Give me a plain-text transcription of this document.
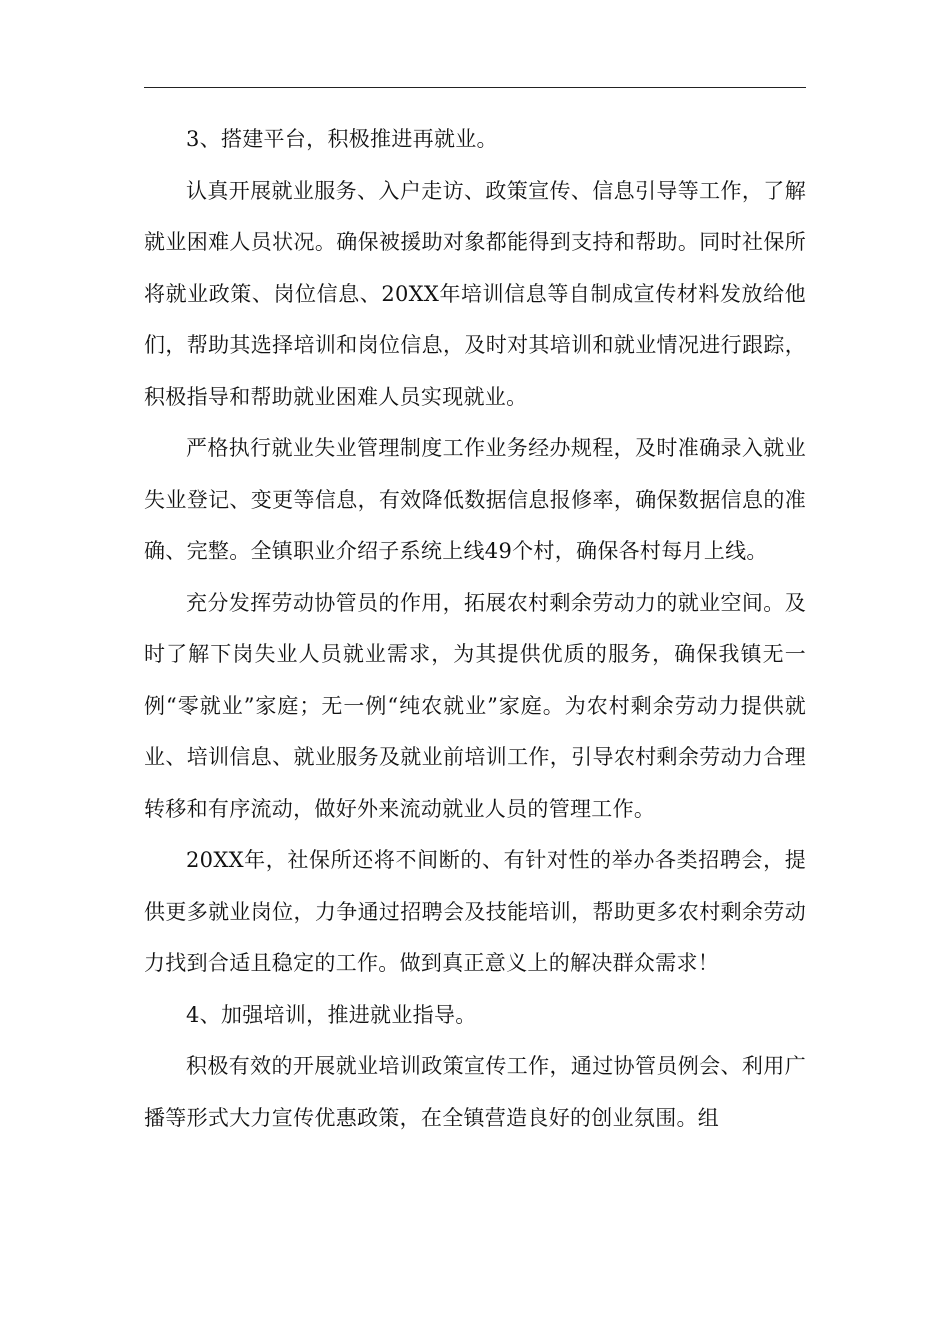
3、搭建平台，积极推进再就业。

认真开展就业服务、入户走访、政策宣传、信息引导等工作，了解就业困难人员状况。确保被援助对象都能得到支持和帮助。同时社保所将就业政策、岗位信息、20XX年培训信息等自制成宣传材料发放给他们，帮助其选择培训和岗位信息，及时对其培训和就业情况进行跟踪，积极指导和帮助就业困难人员实现就业。

严格执行就业失业管理制度工作业务经办规程，及时准确录入就业失业登记、变更等信息，有效降低数据信息报修率，确保数据信息的准确、完整。全镇职业介绍子系统上线49个村，确保各村每月上线。

充分发挥劳动协管员的作用，拓展农村剩余劳动力的就业空间。及时了解下岗失业人员就业需求，为其提供优质的服务，确保我镇无一例“零就业”家庭；无一例“纯农就业”家庭。为农村剩余劳动力提供就业、培训信息、就业服务及就业前培训工作，引导农村剩余劳动力合理转移和有序流动，做好外来流动就业人员的管理工作。

20XX年，社保所还将不间断的、有针对性的举办各类招聘会，提供更多就业岗位，力争通过招聘会及技能培训，帮助更多农村剩余劳动力找到合适且稳定的工作。做到真正意义上的解决群众需求！

4、加强培训，推进就业指导。

积极有效的开展就业培训政策宣传工作，通过协管员例会、利用广播等形式大力宣传优惠政策，在全镇营造良好的创业氛围。组
